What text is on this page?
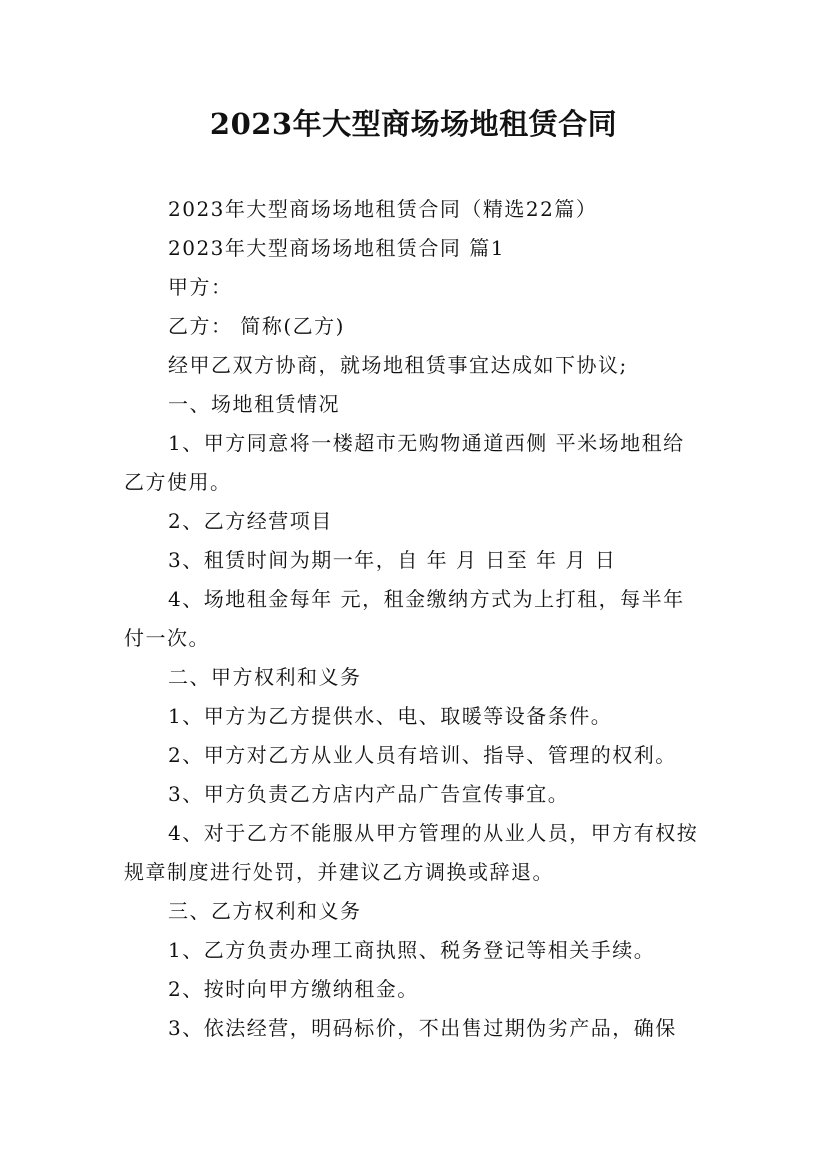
2023年大型商场场地租赁合同

2023年大型商场场地租赁合同（精选22篇）

2023年大型商场场地租赁合同 篇1

甲方：

乙方： 简称(乙方)

经甲乙双方协商，就场地租赁事宜达成如下协议;

一、场地租赁情况

1、甲方同意将一楼超市无购物通道西侧 平米场地租给乙方使用。

2、乙方经营项目

3、租赁时间为期一年，自 年 月 日至 年 月 日

4、场地租金每年 元，租金缴纳方式为上打租，每半年付一次。

二、甲方权利和义务

1、甲方为乙方提供水、电、取暖等设备条件。

2、甲方对乙方从业人员有培训、指导、管理的权利。

3、甲方负责乙方店内产品广告宣传事宜。

4、对于乙方不能服从甲方管理的从业人员，甲方有权按规章制度进行处罚，并建议乙方调换或辞退。

三、乙方权利和义务

1、乙方负责办理工商执照、税务登记等相关手续。

2、按时向甲方缴纳租金。

3、依法经营，明码标价，不出售过期伪劣产品，确保
